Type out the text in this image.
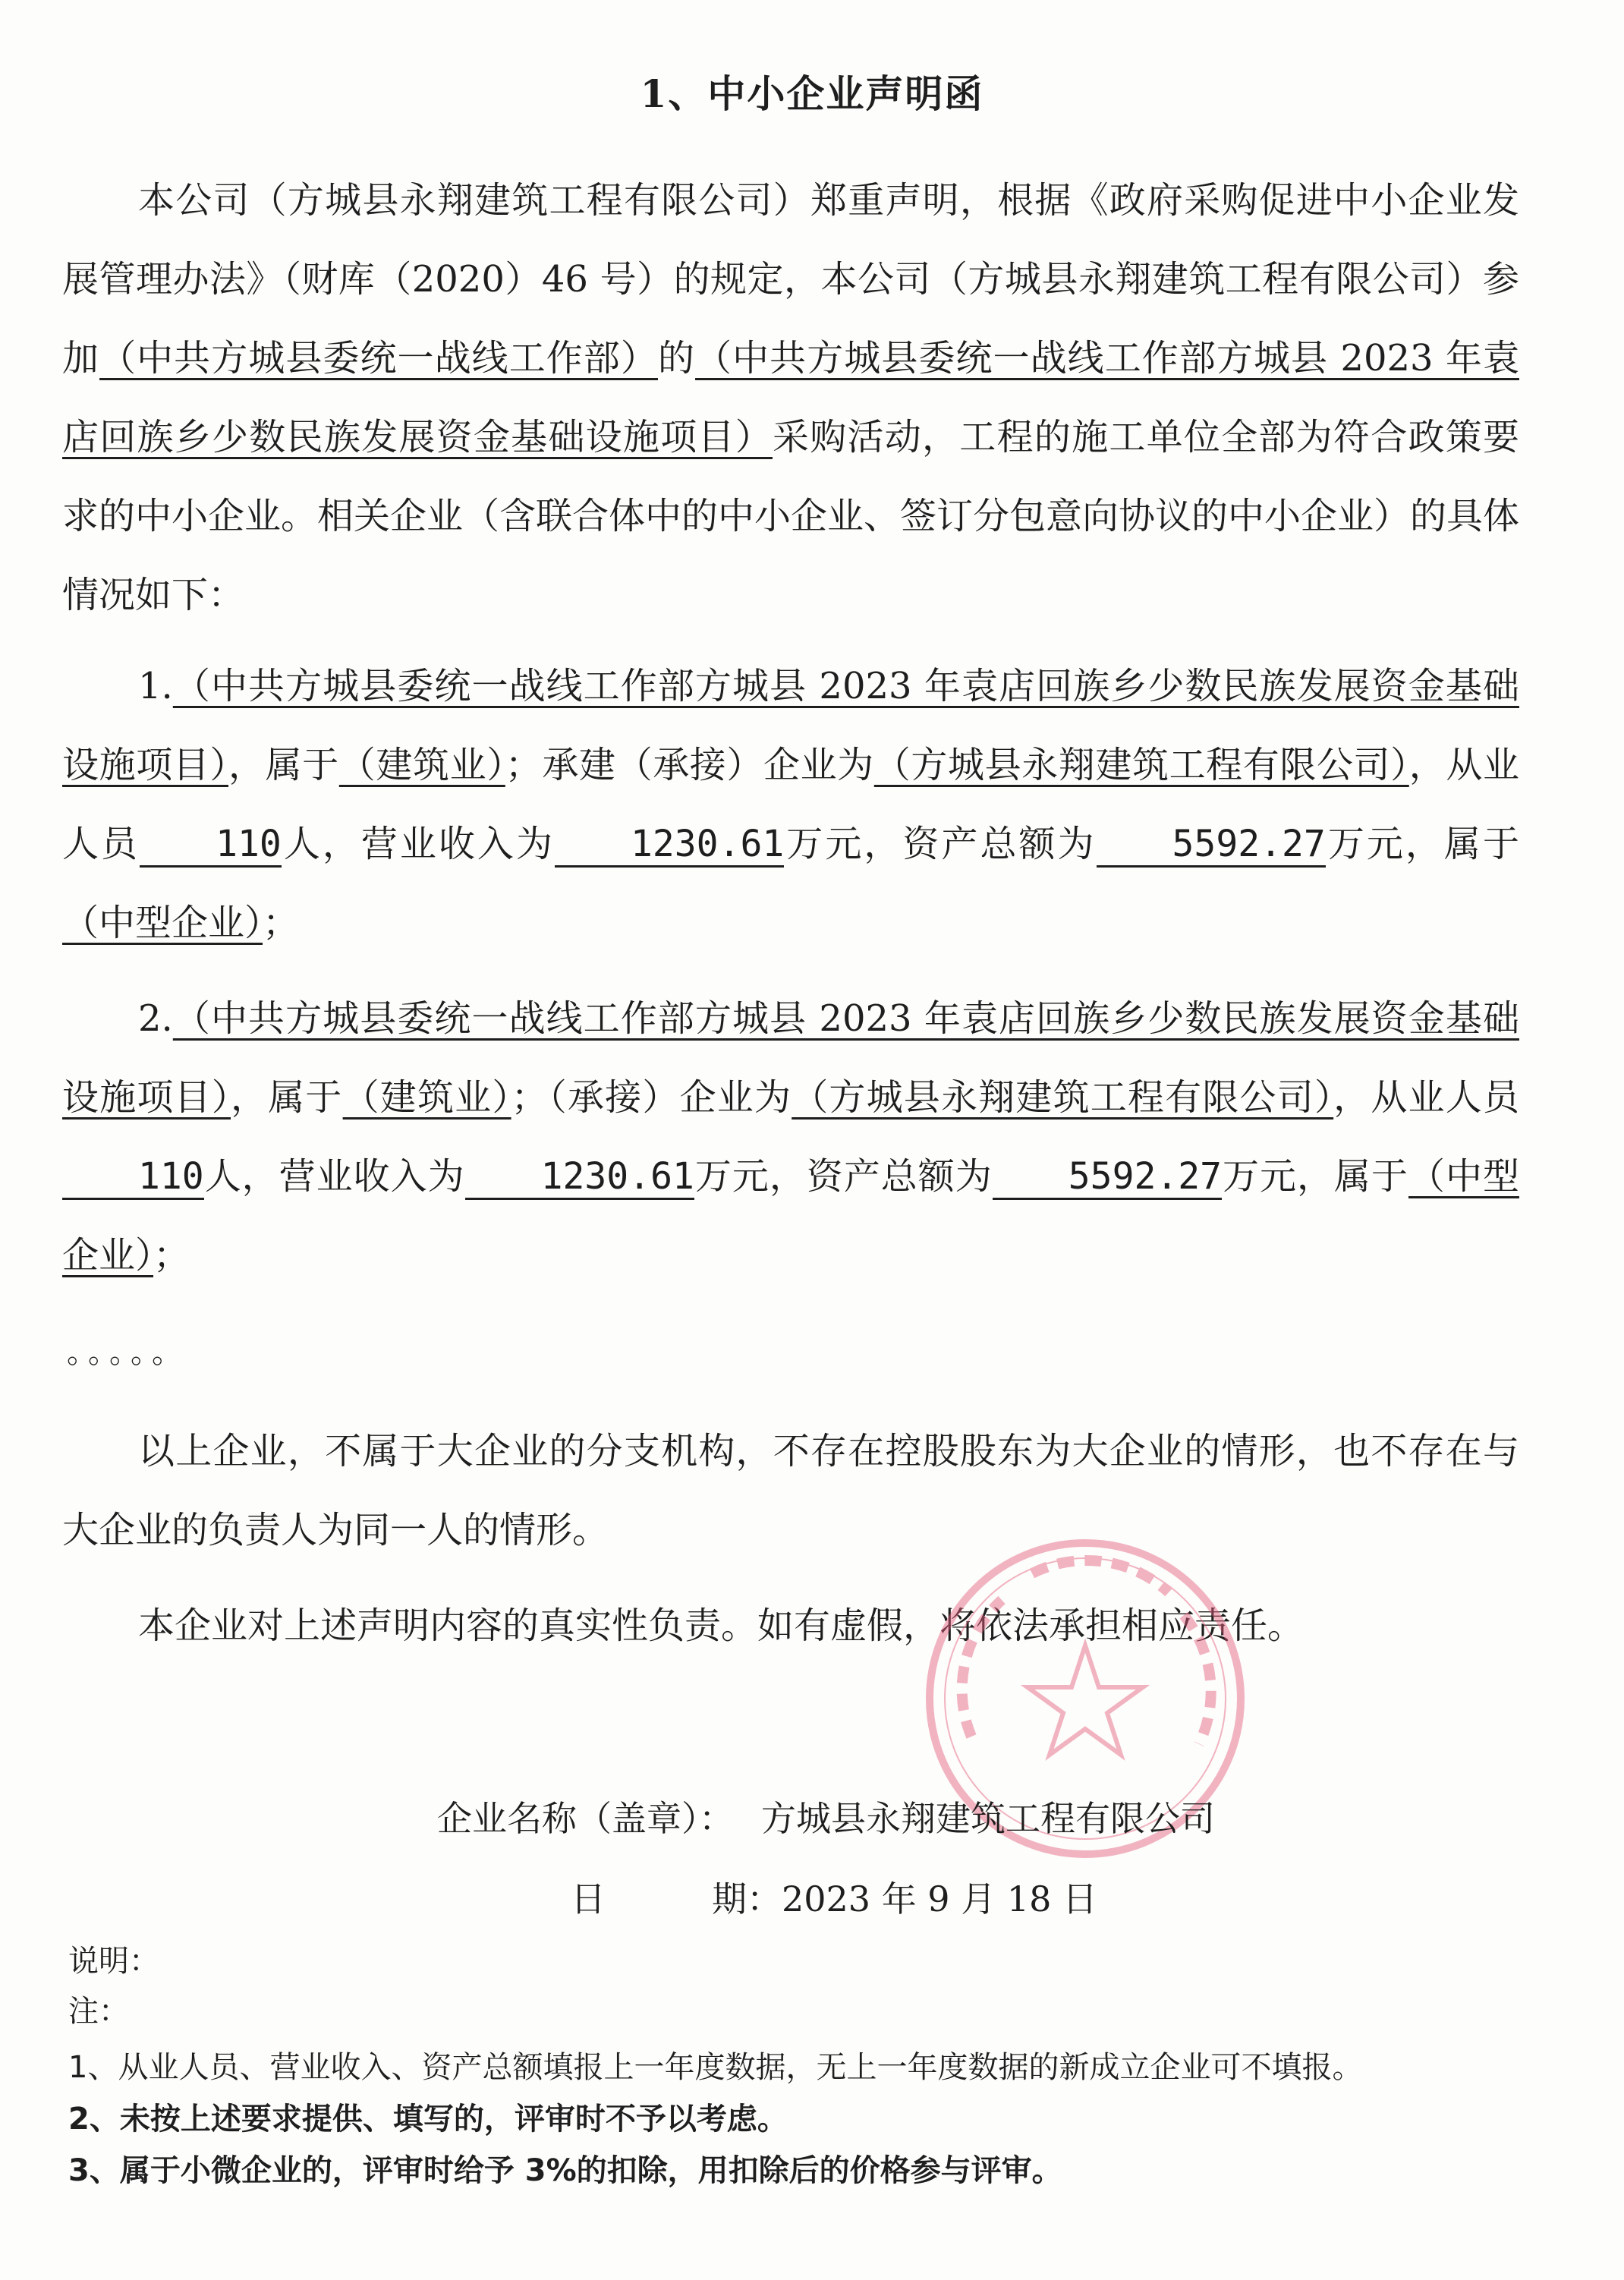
1、中小企业声明函
本公司（方城县永翔建筑工程有限公司）郑重声明，根据《政府采购促进中小企业发展管理办法》（财库（2020）46 号）的规定，本公司（方城县永翔建筑工程有限公司）参加（中共方城县委统一战线工作部）的（中共方城县委统一战线工作部方城县 2023 年袁店回族乡少数民族发展资金基础设施项目）采购活动，工程的施工单位全部为符合政策要求的中小企业。相关企业（含联合体中的中小企业、签订分包意向协议的中小企业）的具体情况如下：
1.（中共方城县委统一战线工作部方城县 2023 年袁店回族乡少数民族发展资金基础设施项目），属于（建筑业）；承建（承接）企业为（方城县永翔建筑工程有限公司），从业人员 110人，营业收入为 1230.61万元，资产总额为 5592.27万元，属于（中型企业）；
2.（中共方城县委统一战线工作部方城县 2023 年袁店回族乡少数民族发展资金基础设施项目），属于（建筑业）；（承接）企业为（方城县永翔建筑工程有限公司），从业人员110人，营业收入为 1230.61万元，资产总额为 5592.27万元，属于（中型企业）；
。。。。。
以上企业，不属于大企业的分支机构，不存在控股股东为大企业的情形，也不存在与大企业的负责人为同一人的情形。
本企业对上述声明内容的真实性负责。如有虚假，将依法承担相应责任。
企业名称（盖章）： 方城县永翔建筑工程有限公司
日	期：2023 年 9 月 18 日
说明：
注：
1、从业人员、营业收入、资产总额填报上一年度数据，无上一年度数据的新成立企业可不填报。
2、未按上述要求提供、填写的，评审时不予以考虑。
3、属于小微企业的，评审时给予 3%的扣除，用扣除后的价格参与评审。
